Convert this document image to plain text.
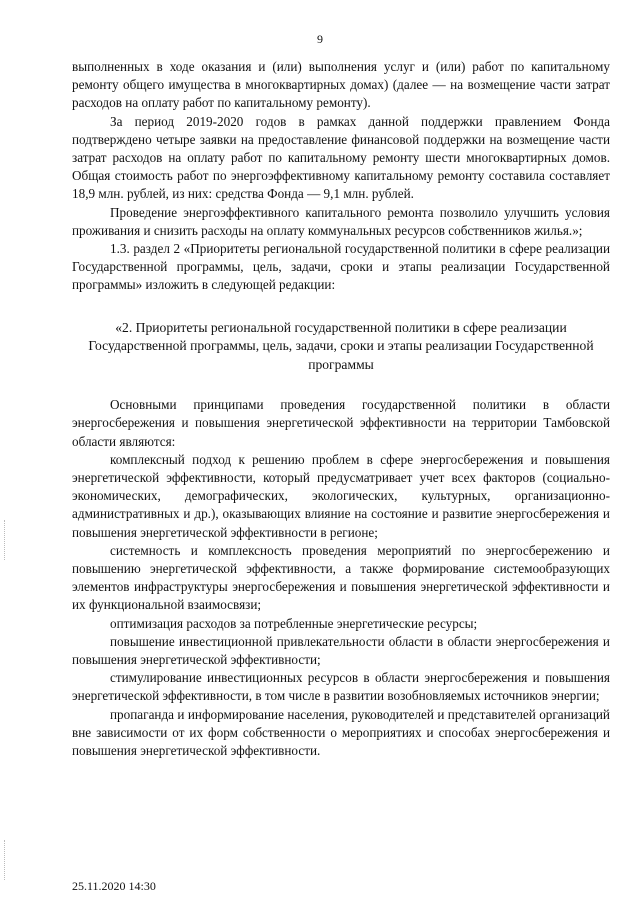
9

выполненных в ходе оказания и (или) выполнения услуг и (или) работ по капитальному ремонту общего имущества в многоквартирных домах) (далее — на возмещение части затрат расходов на оплату работ по капитальному ремонту).

За период 2019-2020 годов в рамках данной поддержки правлением Фонда подтверждено четыре заявки на предоставление финансовой поддержки на возмещение части затрат расходов на оплату работ по капитальному ремонту шести многоквартирных домов. Общая стоимость работ по энергоэффективному капитальному ремонту составила составляет 18,9 млн. рублей, из них: средства Фонда — 9,1 млн. рублей.

Проведение энергоэффективного капитального ремонта позволило улучшить условия проживания и снизить расходы на оплату коммунальных ресурсов собственников жилья.»;

1.3. раздел 2 «Приоритеты региональной государственной политики в сфере реализации Государственной программы, цель, задачи, сроки и этапы реализации Государственной программы» изложить в следующей редакции:

«2. Приоритеты региональной государственной политики в сфере реализации Государственной программы, цель, задачи, сроки и этапы реализации Государственной программы

Основными принципами проведения государственной политики в области энергосбережения и повышения энергетической эффективности на территории Тамбовской области являются:

комплексный подход к решению проблем в сфере энергосбережения и повышения энергетической эффективности, который предусматривает учет всех факторов (социально-экономических, демографических, экологических, культурных, организационно-административных и др.), оказывающих влияние на состояние и развитие энергосбережения и повышения энергетической эффективности в регионе;

системность и комплексность проведения мероприятий по энергосбережению и повышению энергетической эффективности, а также формирование системообразующих элементов инфраструктуры энергосбережения и повышения энергетической эффективности и их функциональной взаимосвязи;

оптимизация расходов за потребленные энергетические ресурсы;

повышение инвестиционной привлекательности области в области энергосбережения и повышения энергетической эффективности;

стимулирование инвестиционных ресурсов в области энергосбережения и повышения энергетической эффективности, в том числе в развитии возобновляемых источников энергии;

пропаганда и информирование населения, руководителей и представителей организаций вне зависимости от их форм собственности о мероприятиях и способах энергосбережения и повышения энергетической эффективности.

25.11.2020 14:30
